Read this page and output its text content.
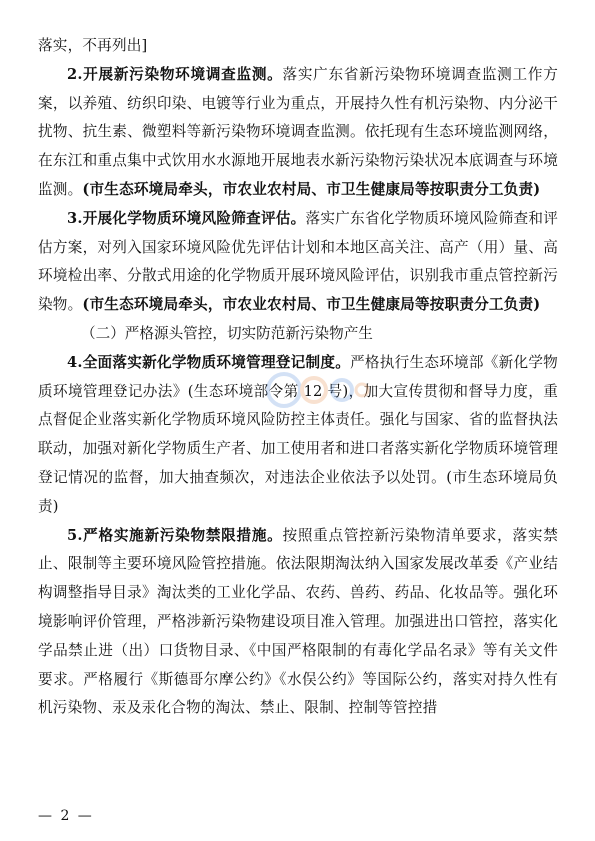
落实，不再列出]

2.开展新污染物环境调查监测。落实广东省新污染物环境调查监测工作方案，以养殖、纺织印染、电镀等行业为重点，开展持久性有机污染物、内分泌干扰物、抗生素、微塑料等新污染物环境调查监测。依托现有生态环境监测网络，在东江和重点集中式饮用水水源地开展地表水新污染物污染状况本底调查与环境监测。(市生态环境局牵头，市农业农村局、市卫生健康局等按职责分工负责)

3.开展化学物质环境风险筛查评估。落实广东省化学物质环境风险筛查和评估方案，对列入国家环境风险优先评估计划和本地区高关注、高产（用）量、高环境检出率、分散式用途的化学物质开展环境风险评估，识别我市重点管控新污染物。(市生态环境局牵头，市农业农村局、市卫生健康局等按职责分工负责)

（二）严格源头管控，切实防范新污染物产生

4.全面落实新化学物质环境管理登记制度。严格执行生态环境部《新化学物质环境管理登记办法》(生态环境部令第 12 号)，加大宣传贯彻和督导力度，重点督促企业落实新化学物质环境风险防控主体责任。强化与国家、省的监督执法联动，加强对新化学物质生产者、加工使用者和进口者落实新化学物质环境管理登记情况的监督，加大抽查频次，对违法企业依法予以处罚。(市生态环境局负责)

5.严格实施新污染物禁限措施。按照重点管控新污染物清单要求，落实禁止、限制等主要环境风险管控措施。依法限期淘汰纳入国家发展改革委《产业结构调整指导目录》淘汰类的工业化学品、农药、兽药、药品、化妆品等。强化环境影响评价管理，严格涉新污染物建设项目准入管理。加强进出口管控，落实化学品禁止进（出）口货物目录、《中国严格限制的有毒化学品名录》等有关文件要求。严格履行《斯德哥尔摩公约》《水俣公约》等国际公约，落实对持久性有机污染物、汞及汞化合物的淘汰、禁止、限制、控制等管控措

— 2 —
